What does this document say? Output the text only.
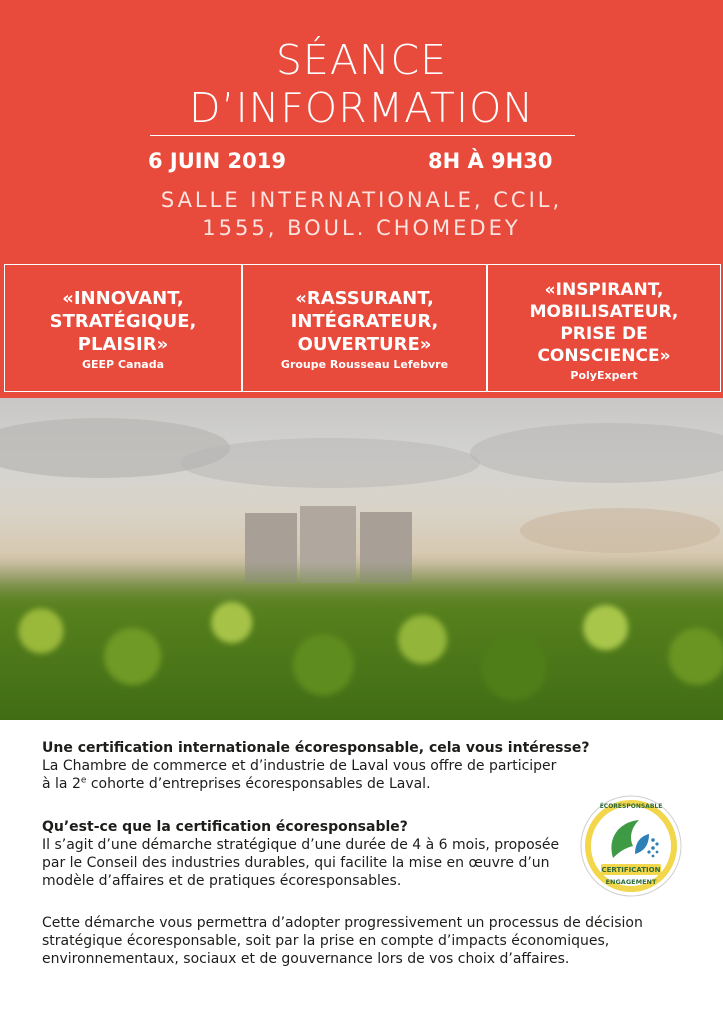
SÉANCE
D’INFORMATION
6 JUIN 2019	8H À 9H30
SALLE INTERNATIONALE, CCIL,
1555, BOUL. CHOMEDEY
«INNOVANT,
STRATÉGIQUE,
PLAISIR»
GEEP Canada
«RASSURANT,
INTÉGRATEUR,
OUVERTURE»
Groupe Rousseau Lefebvre
«INSPIRANT,
MOBILISATEUR,
PRISE DE
CONSCIENCE»
PolyExpert
Une certification internationale écoresponsable, cela vous intéresse?
La Chambre de commerce et d’industrie de Laval vous offre de participer
à la 2e cohorte d’entreprises écoresponsables de Laval.
Qu’est-ce que la certification écoresponsable?
Il s’agit d’une démarche stratégique d’une durée de 4 à 6 mois, proposée par le Conseil des industries durables, qui facilite la mise en œuvre d’un modèle d’affaires et de pratiques écoresponsables.
Cette démarche vous permettra d’adopter progressivement un processus de décision stratégique écoresponsable, soit par la prise en compte d’impacts économiques, environnementaux, sociaux et de gouvernance lors de vos choix d’affaires.
CERTIFICATION
ENGAGEMENT
ÉCORESPONSABLE
